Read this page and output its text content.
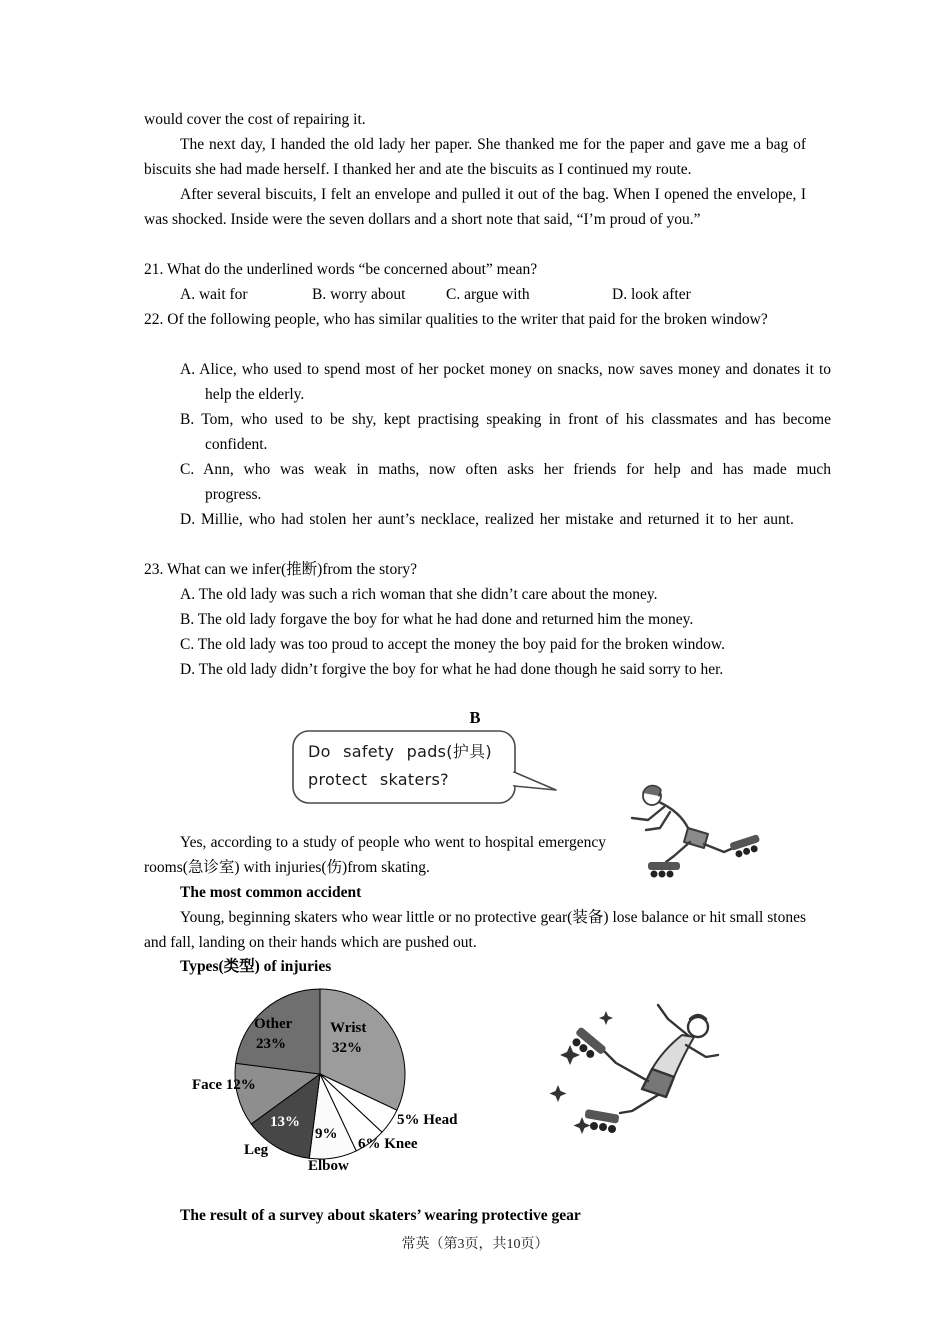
would cover the cost of repairing it.
The next day, I handed the old lady her paper. She thanked me for the paper and gave me a bag of biscuits she had made herself. I thanked her and ate the biscuits as I continued my route.
After several biscuits, I felt an envelope and pulled it out of the bag. When I opened the envelope, I was shocked. Inside were the seven dollars and a short note that said, “I’m proud of you.”
21. What do the underlined words “be concerned about” mean?
A. wait for	B. worry about	C. argue with	D. look after
22. Of the following people, who has similar qualities to the writer that paid for the broken window?
A. Alice, who used to spend most of her pocket money on snacks, now saves money and donates it to help the elderly.
B. Tom, who used to be shy, kept practising speaking in front of his classmates and has become confident.
C. Ann, who was weak in maths, now often asks her friends for help and has made much progress.
D. Millie, who had stolen her aunt’s necklace, realized her mistake and returned it to her aunt.
23. What can we infer(推断)from the story?
A. The old lady was such a rich woman that she didn’t care about the money.
B. The old lady forgave the boy for what he had done and returned him the money.
C. The old lady was too proud to accept the money the boy paid for the broken window.
D. The old lady didn’t forgive the boy for what he had done though he said sorry to her.
B
Do safety pads(护具)
protect skaters?
Yes, according to a study of people who went to hospital emergency rooms(急诊室) with injuries(伤)from skating.
The most common accident
Young, beginning skaters who wear little or no protective gear(装备) lose balance or hit small stones and fall, landing on their hands which are pushed out.
Types(类型) of injuries
Wrist
32%
Other
23%
Face 12%
13%
9%
5% Head
6% Knee
Leg
Elbow
The result of a survey about skaters’ wearing protective gear
常英（第3页，共10页）
